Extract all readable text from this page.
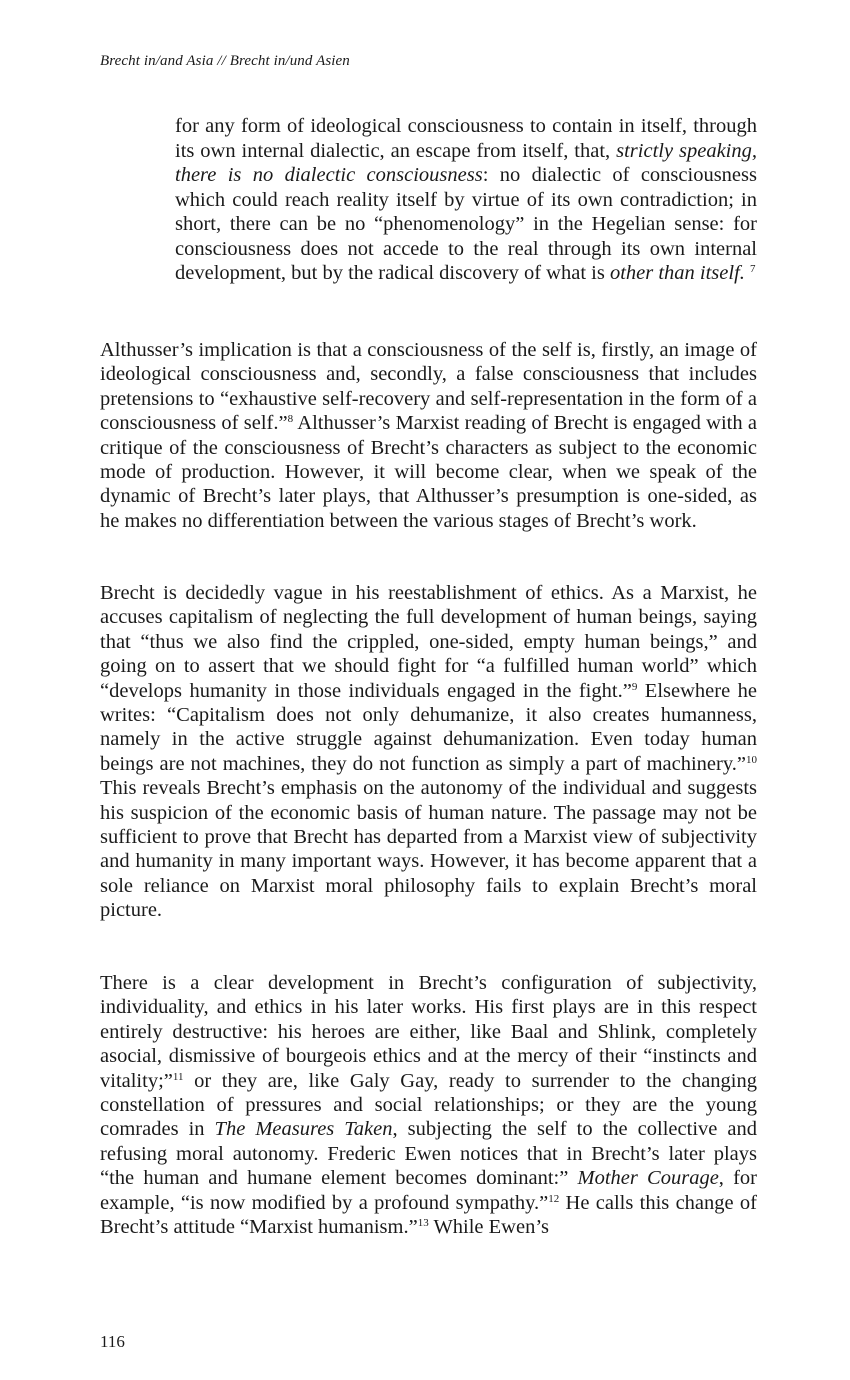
Brecht in/and Asia // Brecht in/und Asien
for any form of ideological consciousness to contain in itself, through its own internal dialectic, an escape from itself, that, strictly speaking, there is no dialectic consciousness: no dialectic of consciousness which could reach reality itself by virtue of its own contradiction; in short, there can be no “phenomenology” in the Hegelian sense: for consciousness does not accede to the real through its own internal development, but by the radical discovery of what is other than itself. $^7$
Althusser’s implication is that a consciousness of the self is, firstly, an image of ideological consciousness and, secondly, a false consciousness that includes pretensions to “exhaustive self-recovery and self-representation in the form of a consciousness of self.”$^8$ Althusser’s Marxist reading of Brecht is engaged with a critique of the consciousness of Brecht’s characters as subject to the economic mode of production. However, it will become clear, when we speak of the dynamic of Brecht’s later plays, that Althusser’s presumption is one-sided, as he makes no differentiation between the various stages of Brecht’s work.
Brecht is decidedly vague in his reestablishment of ethics. As a Marxist, he accuses capitalism of neglecting the full development of human beings, saying that “thus we also find the crippled, one-sided, empty human beings,” and going on to assert that we should fight for “a fulfilled human world” which “develops humanity in those individuals engaged in the fight.”$^9$ Elsewhere he writes: “Capitalism does not only dehumanize, it also creates humanness, namely in the active struggle against dehumanization. Even today human beings are not machines, they do not function as simply a part of machinery.”$^{10}$ This reveals Brecht’s emphasis on the autonomy of the individual and suggests his suspicion of the economic basis of human nature. The passage may not be sufficient to prove that Brecht has departed from a Marxist view of subjectivity and humanity in many important ways. However, it has become apparent that a sole reliance on Marxist moral philosophy fails to explain Brecht’s moral picture.
There is a clear development in Brecht’s configuration of subjectivity, individuality, and ethics in his later works. His first plays are in this respect entirely destructive: his heroes are either, like Baal and Shlink, completely asocial, dismissive of bourgeois ethics and at the mercy of their “instincts and vitality;”$^{11}$ or they are, like Galy Gay, ready to surrender to the changing constellation of pressures and social relationships; or they are the young comrades in The Measures Taken, subjecting the self to the collective and refusing moral autonomy. Frederic Ewen notices that in Brecht’s later plays “the human and humane element becomes dominant:” Mother Courage, for example, “is now modified by a profound sympathy.”$^{12}$ He calls this change of Brecht’s attitude “Marxist humanism.”$^{13}$ While Ewen’s
116
